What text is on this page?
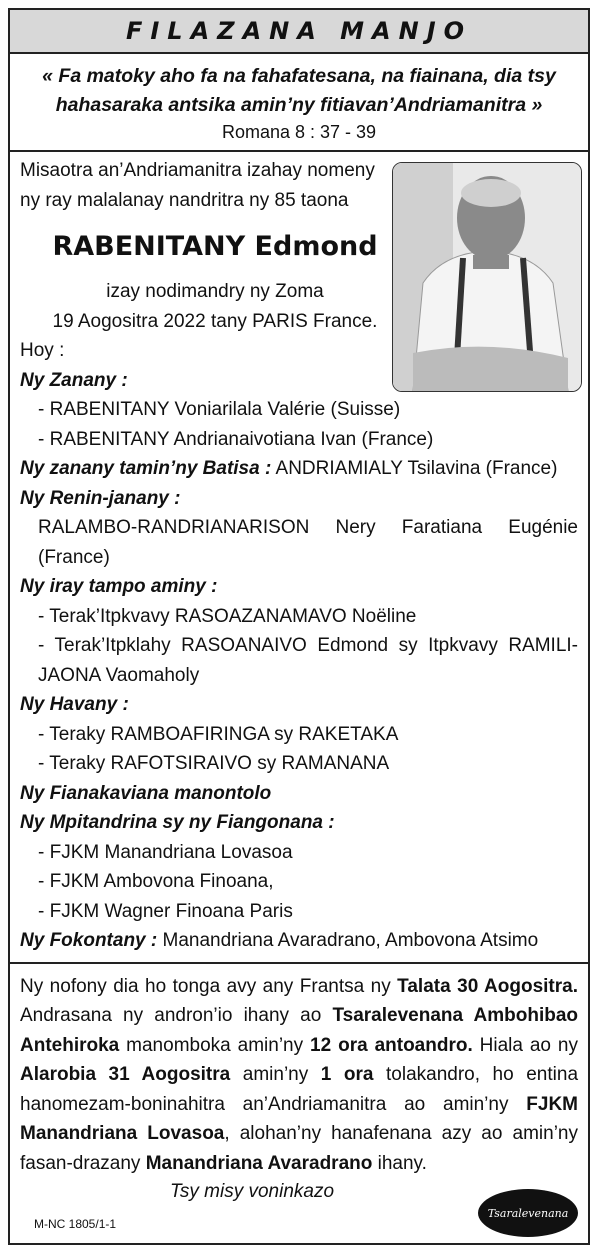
FILAZANA MANJO
« Fa matoky aho fa na fahafatesana, na fiainana, dia tsy hahasaraka antsika amin’ny fitiavan’Andriamanitra »
Romana 8 : 37 - 39
Misaotra an’Andriamanitra izahay nomeny
ny ray malalanay nandritra ny 85 taona
RABENITANY Edmond
izay nodimandry ny Zoma
19 Aogositra 2022 tany PARIS France.
Hoy :
Ny Zanany :
- RABENITANY Voniarilala Valérie (Suisse)
- RABENITANY Andrianaivotiana Ivan (France)
Ny zanany tamin’ny Batisa : ANDRIAMIALY Tsilavina (France)
Ny Renin-janany :
RALAMBO-RANDRIANARISON Nery Faratiana Eugénie (France)
Ny iray tampo aminy :
- Terak’Itpkvavy RASOAZANAMAVO Noëline
- Terak’Itpklahy RASOANAIVO Edmond sy Itpkvavy RAMILI-JAONA Vaomaholy
Ny Havany :
- Teraky RAMBOAFIRINGA sy RAKETAKA
- Teraky RAFOTSIRAIVO sy RAMANANA
Ny Fianakaviana manontolo
Ny Mpitandrina sy ny Fiangonana :
- FJKM Manandriana Lovasoa
- FJKM Ambovona Finoana,
- FJKM Wagner Finoana Paris
Ny Fokontany : Manandriana Avaradrano, Ambovona Atsimo
Ny nofony dia ho tonga avy any Frantsa ny Talata 30 Aogositra. Andrasana ny andron’io ihany ao Tsaralevenana Ambohibao Antehiroka manomboka amin’ny 12 ora antoandro. Hiala ao ny Alarobia 31 Aogositra amin’ny 1 ora tolakandro, ho entina hanomezam-boninahitra an’Andriamanitra ao amin’ny FJKM Manandriana Lovasoa, alohan’ny hanafenana azy ao amin’ny fasan-drazany Manandriana Avaradrano ihany.
Tsy misy voninkazo
M-NC 1805/1-1
Tsaralevenana
